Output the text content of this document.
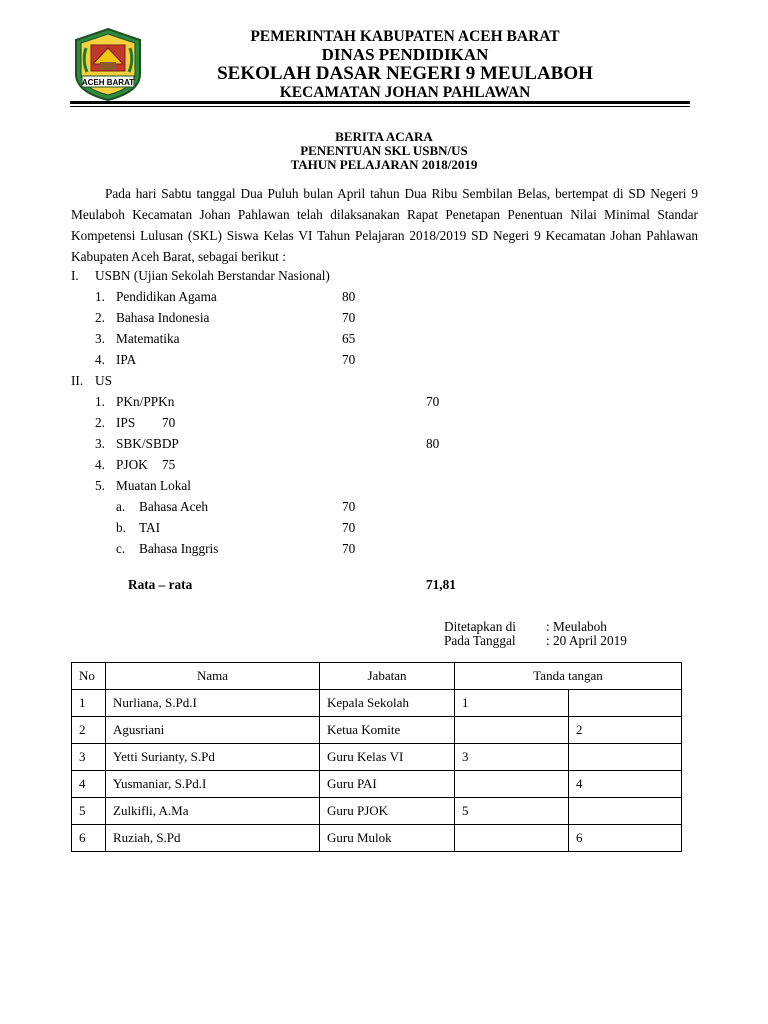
ACEH BARAT
PEMERINTAH KABUPATEN ACEH BARAT
DINAS PENDIDIKAN
SEKOLAH DASAR NEGERI 9 MEULABOH
KECAMATAN JOHAN PAHLAWAN
BERITA ACARA
PENENTUAN SKL USBN/US
TAHUN PELAJARAN 2018/2019

Pada hari Sabtu tanggal Dua Puluh bulan April tahun Dua Ribu Sembilan Belas, bertempat di SD Negeri 9 Meulaboh Kecamatan Johan Pahlawan telah dilaksanakan Rapat Penetapan Penentuan Nilai Minimal Standar Kompetensi Lulusan (SKL) Siswa Kelas VI Tahun Pelajaran 2018/2019 SD Negeri 9 Kecamatan Johan Pahlawan Kabupaten Aceh Barat, sebagai berikut :

I. USBN (Ujian Sekolah Berstandar Nasional)
1. Pendidikan Agama	80
2. Bahasa Indonesia	70
3. Matematika	65
4. IPA	70
II. US
1. PKn/PPKn	70
2. IPS 70
3. SBK/SBDP	80
4. PJOK 75
5. Muatan Lokal
a. Bahasa Aceh	70
b. TAI	70
c. Bahasa Inggris	70
Rata – rata	71,81
Ditetapkan di : Meulaboh
Pada Tanggal : 20 April 2019
No	Nama	Jabatan	Tanda tangan	
1	Nurliana, S.Pd.I	Kepala Sekolah	1	
2	Agusriani	Ketua Komite		2
3	Yetti Surianty, S.Pd	Guru Kelas VI	3	
4	Yusmaniar, S.Pd.I	Guru PAI		4
5	Zulkifli, A.Ma	Guru PJOK	5	
6	Ruziah, S.Pd	Guru Mulok		6
